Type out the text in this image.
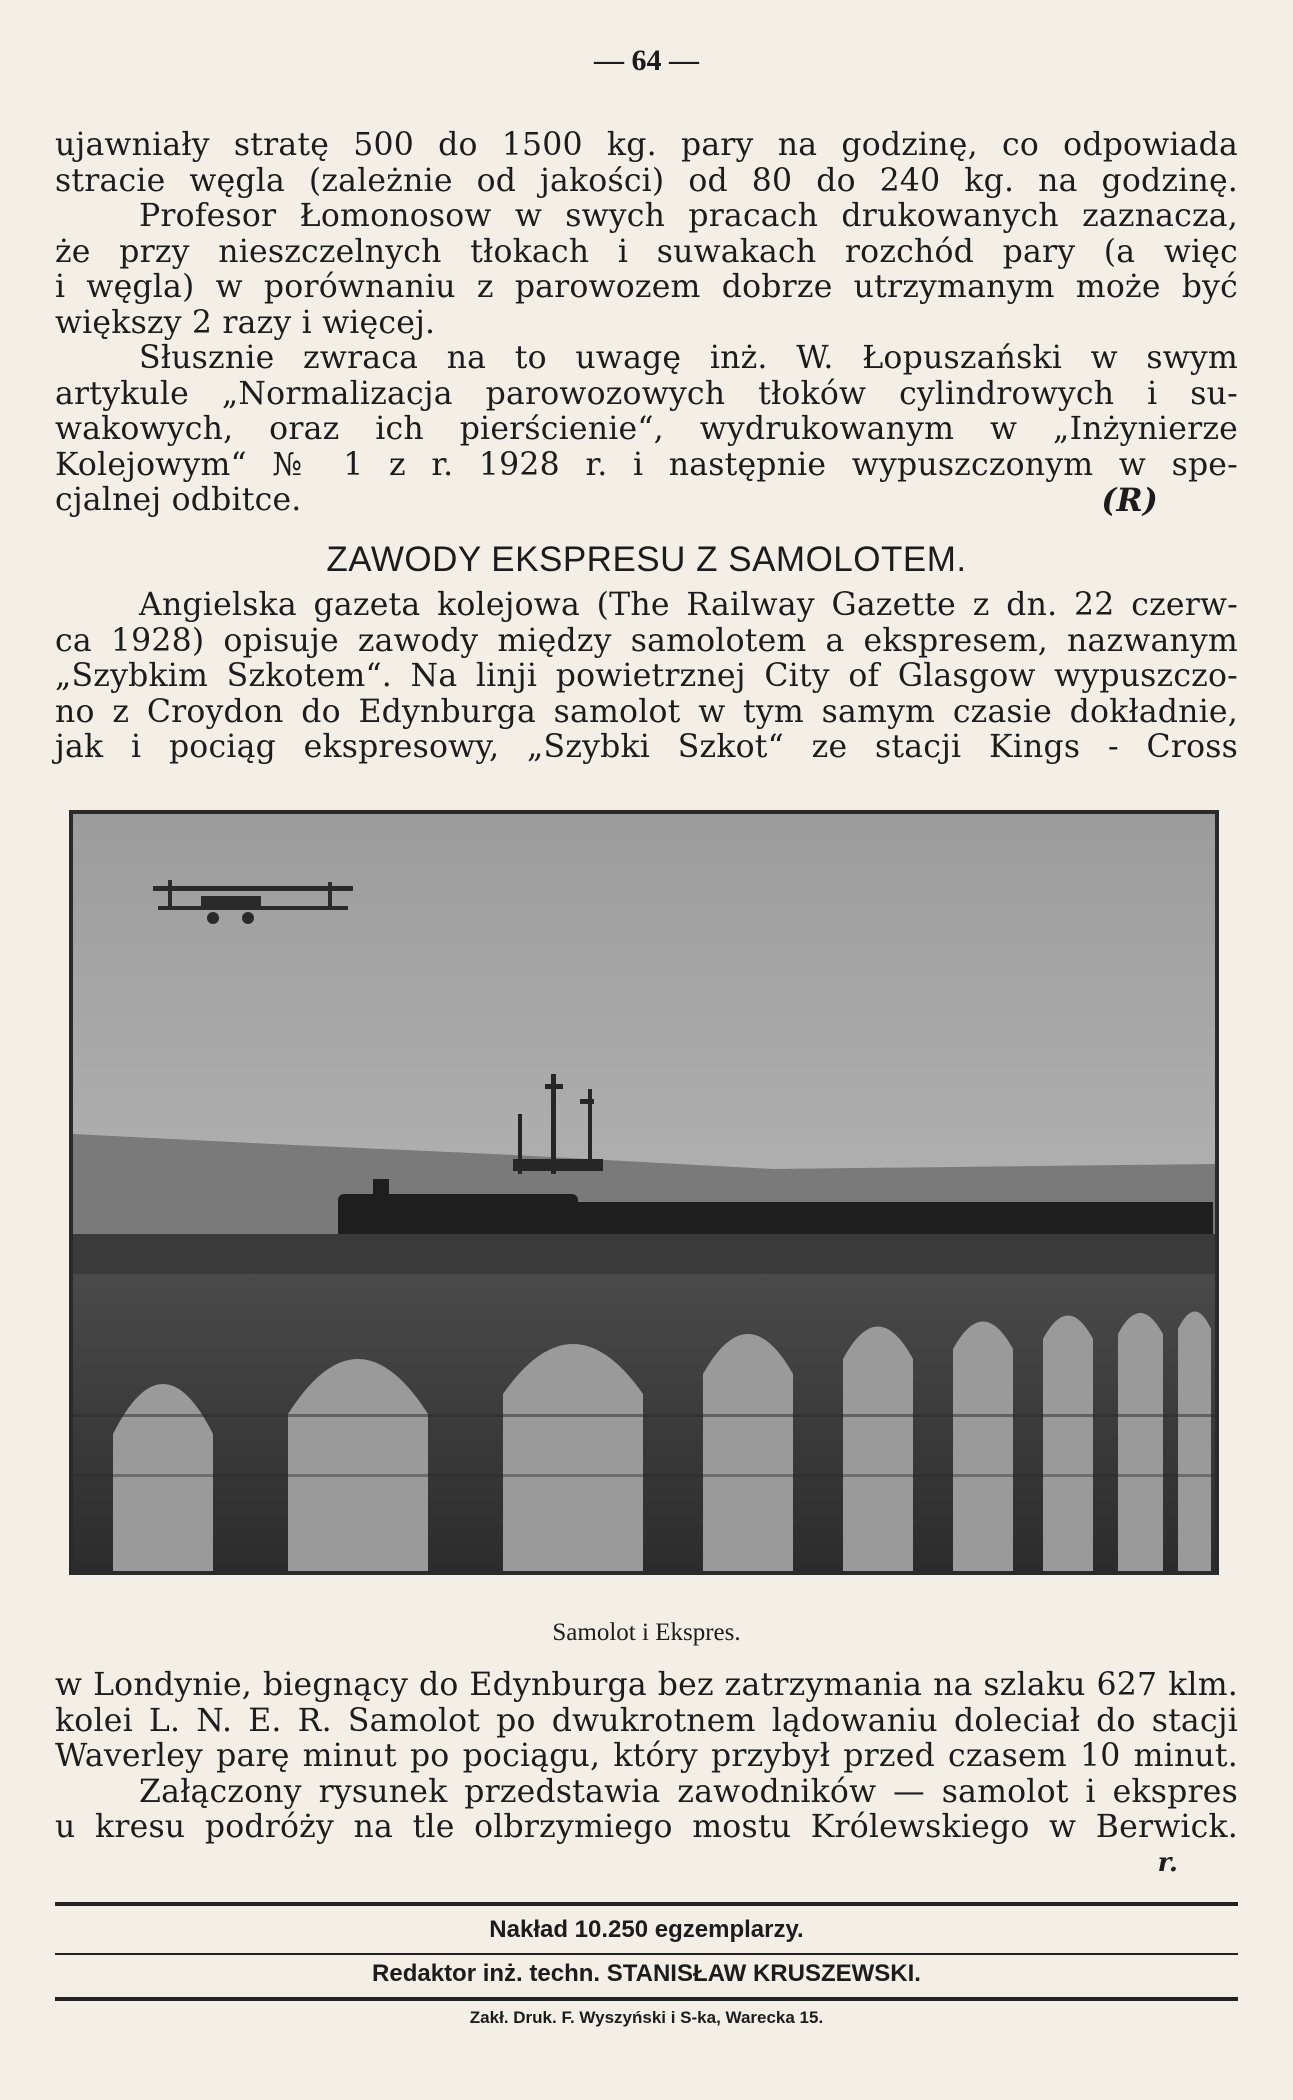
— 64 —
ujawniały stratę 500 do 1500 kg. pary na godzinę, co odpowiada
stracie węgla (zależnie od jakości) od 80 do 240 kg. na godzinę.
Profesor Łomonosow w swych pracach drukowanych zaznacza,
że przy nieszczelnych tłokach i suwakach rozchód pary (a więc
i węgla) w porównaniu z parowozem dobrze utrzymanym może być
większy 2 razy i więcej.
Słusznie zwraca na to uwagę inż. W. Łopuszański w swym
artykule „Normalizacja parowozowych tłoków cylindrowych i su-
wakowych, oraz ich pierścienie“, wydrukowanym w „Inżynierze
Kolejowym“ № 1 z r. 1928 r. i następnie wypuszczonym w spe-
cjalnej odbitce.	(R)
ZAWODY EKSPRESU Z SAMOLOTEM.
Angielska gazeta kolejowa (The Railway Gazette z dn. 22 czerw-
ca 1928) opisuje zawody między samolotem a ekspresem, nazwanym
„Szybkim Szkotem“. Na linji powietrznej City of Glasgow wypuszczo-
no z Croydon do Edynburga samolot w tym samym czasie dokładnie,
jak i pociąg ekspresowy, „Szybki Szkot“ ze stacji Kings - Cross
Samolot i Ekspres.
w Londynie, biegnący do Edynburga bez zatrzymania na szlaku 627 klm.
kolei L. N. E. R. Samolot po dwukrotnem lądowaniu doleciał do stacji
Waverley parę minut po pociągu, który przybył przed czasem 10 minut.
Załączony rysunek przedstawia zawodników — samolot i ekspres
u kresu podróży na tle olbrzymiego mostu Królewskiego w Berwick.
r.
Nakład 10.250 egzemplarzy.
Redaktor inż. techn. STANISŁAW KRUSZEWSKI.
Zakł. Druk. F. Wyszyński i S-ka, Warecka 15.
